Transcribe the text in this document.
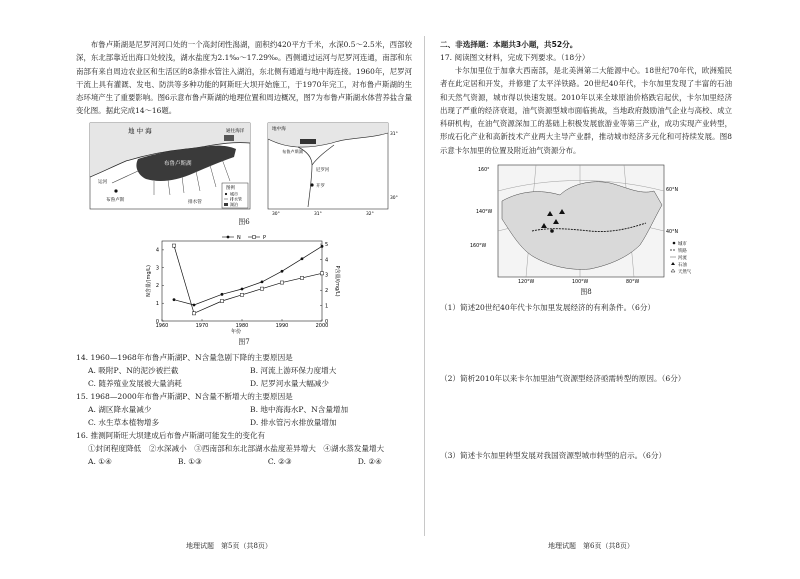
布鲁卢斯湖是尼罗河河口处的一个高封闭性潟湖，面积约420平方千米，水深0.5～2.5米，西部较深，东北部靠近出海口处较浅，湖水盐度为2.1‰～17.29‰。西侧通过运河与尼罗河连通，南部和东南部有来自周边农业区和生活区的8条排水管注入湖泊，东北侧有通道与地中海连接。1960年，尼罗河干流上具有灌溉、发电、防洪等多种功能的阿斯旺大坝开始施工，于1970年完工，对布鲁卢斯湖的生态环境产生了重要影响。图6示意布鲁卢斯湖的地理位置和周边概况，图7为布鲁卢斯湖水体营养盐含量变化图。据此完成14～16题。

地 中 海
布鲁卢斯湖
通往海洋
运河
布鲁卢斯	排水管
图例
城市
排水管
湖泊
地中海
布鲁卢斯湖
开罗
尼罗河
31°
30°
30°	31°	32°
图6
1960	1970	1980	1990	2000
0
1
2
3
4
0
1
2
3
4
5
N含量/(mg/L)	P含量/(mg/L)
年份
N	P
图7

14. 1960—1968年布鲁卢斯湖P、N含量急剧下降的主要原因是

A. 吸附P、N的泥沙被拦截	B. 河流上游环保力度增大
C. 随养殖业发展被大量消耗	D. 尼罗河水量大幅减少

15. 1968—2000年布鲁卢斯湖P、N含量不断增大的主要原因是

A. 湖区降水量减少	B. 地中海海水P、N含量增加
C. 水生草本植物增多	D. 排水管污水排放量增加

16. 推测阿斯旺大坝建成后布鲁卢斯湖可能发生的变化有

①封闭程度降低　②水深减小　③西南部和东北部湖水盐度差异增大　④湖水蒸发量增大

A. ①④	B. ①③	C. ②③	D. ②④

二、非选择题：本题共3小题，共52分。

17. 阅读图文材料，完成下列要求。（18分）

卡尔加里位于加拿大西南部，是北美洲第二大能源中心。18世纪70年代，欧洲殖民者在此定居和开发，并修建了太平洋铁路。20世纪40年代，卡尔加里发现了丰富的石油和天然气资源，城市得以快速发展。2010年以来全球原油价格跌宕起伏，卡尔加里经济出现了严重的经济衰退，油气资源型城市面临挑战，当地政府鼓励油气企业与高校、成立科研机构，在油气资源深加工的基础上积极发展旅游业等第三产业，成功实现产业转型，形成石化产业和高新技术产业两大主导产业群，推动城市经济多元化和可持续发展。图8示意卡尔加里的位置及附近油气资源分布。

160°
60°N
40°N
140°W
160°W
120°W	100°W	80°W
城市
铁路
河流
石油
天然气
图8

（1）简述20世纪40年代卡尔加里发展经济的有利条件。（6分）

（2）简析2010年以来卡尔加里油气资源型经济亟需转型的原因。（6分）

（3）简述卡尔加里转型发展对我国资源型城市转型的启示。（6分）

地理试题　第5页（共8页）	地理试题　第6页（共8页）
